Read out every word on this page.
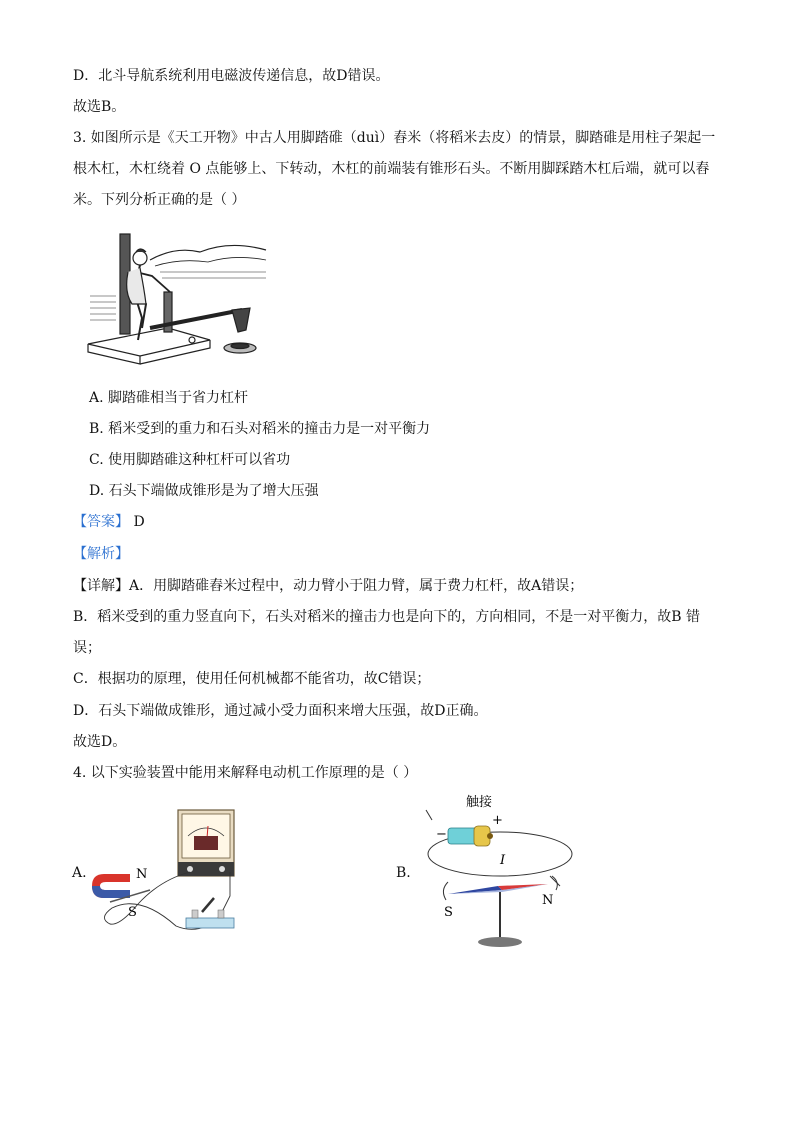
D．北斗导航系统利用电磁波传递信息，故D错误。
故选B。
3. 如图所示是《天工开物》中古人用脚踏碓（duì）舂米（将稻米去皮）的情景，脚踏碓是用柱子架起一
根木杠，木杠绕着 O 点能够上、下转动，木杠的前端装有锥形石头。不断用脚踩踏木杠后端，就可以舂
米。下列分析正确的是（ ）
A. 脚踏碓相当于省力杠杆
B. 稻米受到的重力和石头对稻米的撞击力是一对平衡力
C. 使用脚踏碓这种杠杆可以省功
D. 石头下端做成锥形是为了增大压强
【答案】 D
【解析】
【详解】A．用脚踏碓舂米过程中，动力臂小于阻力臂，属于费力杠杆，故A错误；
B．稻米受到的重力竖直向下，石头对稻米的撞击力也是向下的，方向相同，不是一对平衡力，故B 错
误；
C．根据功的原理，使用任何机械都不能省功，故C错误；
D．石头下端做成锥形，通过减小受力面积来增大压强，故D正确。
故选D。
4. 以下实验装置中能用来解释电动机工作原理的是（ ）
A.	N
S
B.
触接
+
−
I
S
N
